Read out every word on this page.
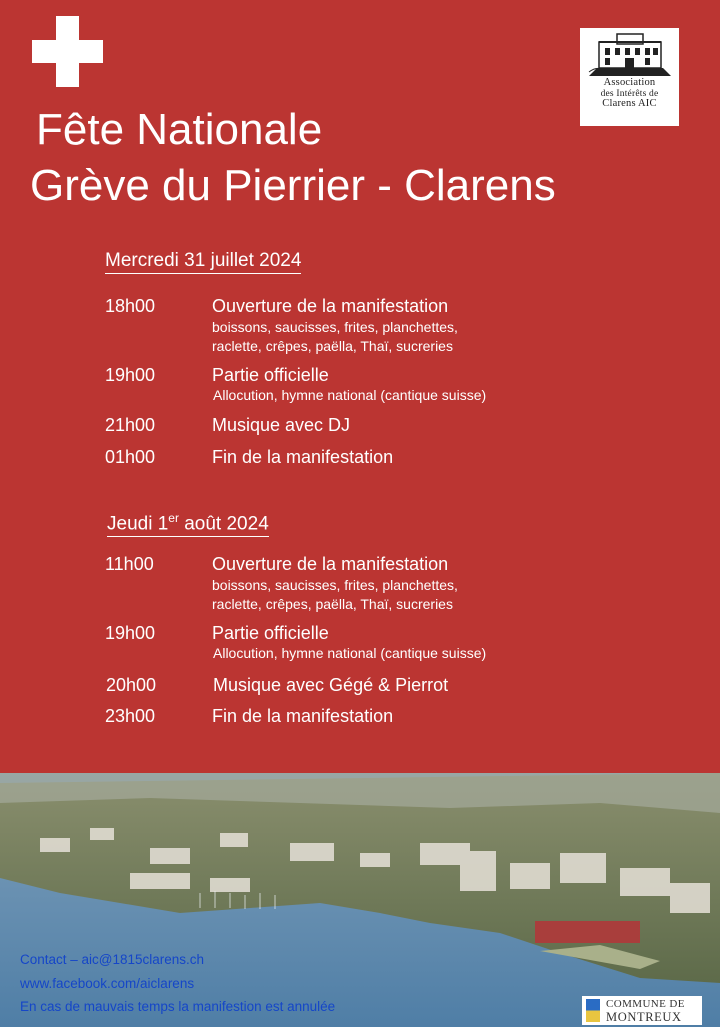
Association
des Intérêts de
Clarens AIC
Fête Nationale
Grève du Pierrier - Clarens
Mercredi 31 juillet 2024
18h00	Ouverture de la manifestation
boissons, saucisses, frites, planchettes,
raclette, crêpes, paëlla, Thaï, sucreries
19h00	Partie officielle
Allocution, hymne national (cantique suisse)
21h00	Musique avec DJ
01h00	Fin de la manifestation
Jeudi 1er août 2024
11h00	Ouverture de la manifestation
boissons, saucisses, frites, planchettes,
raclette, crêpes, paëlla, Thaï, sucreries
19h00	Partie officielle
Allocution, hymne national (cantique suisse)
20h00	Musique avec Gégé & Pierrot
23h00	Fin de la manifestation
Contact – aic@1815clarens.ch
www.facebook.com/aiclarens
En cas de mauvais temps la manifestion est annulée	COMMUNE DE
MONTREUX
